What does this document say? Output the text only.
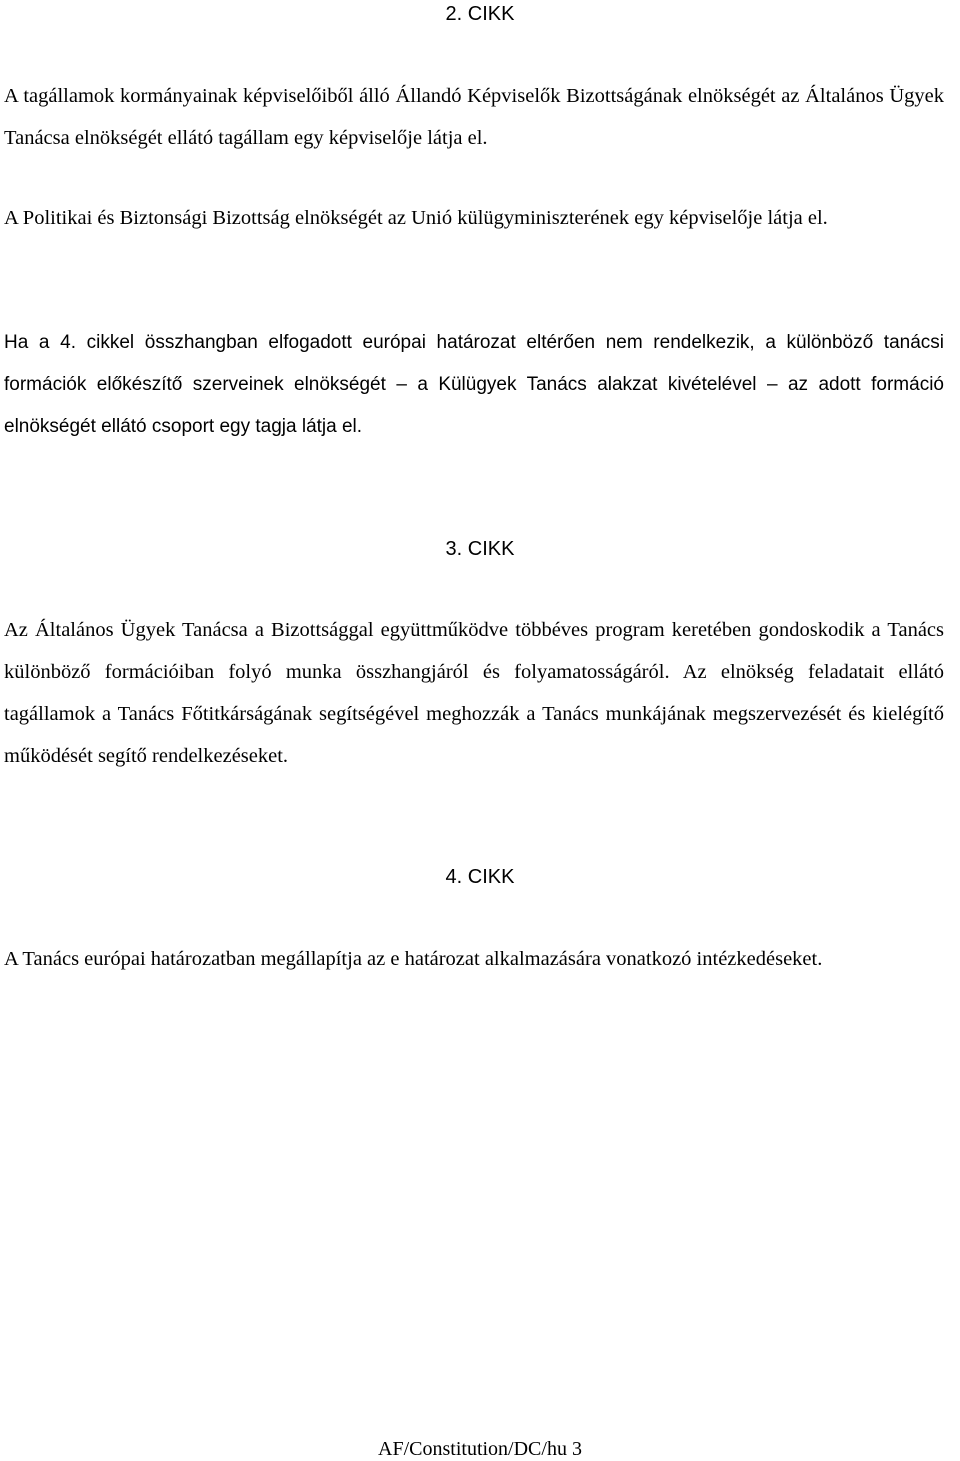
2. CIKK

A tagállamok kormányainak képviselőiből álló Állandó Képviselők Bizottságának elnökségét az Általános Ügyek Tanácsa elnökségét ellátó tagállam egy képviselője látja el.

A Politikai és Biztonsági Bizottság elnökségét az Unió külügyminiszterének egy képviselője látja el.

Ha a 4. cikkel összhangban elfogadott európai határozat eltérően nem rendelkezik, a különböző tanácsi formációk előkészítő szerveinek elnökségét – a Külügyek Tanács alakzat kivételével – az adott formáció elnökségét ellátó csoport egy tagja látja el.

3. CIKK

Az Általános Ügyek Tanácsa a Bizottsággal együttműködve többéves program keretében gondoskodik a Tanács különböző formációiban folyó munka összhangjáról és folyamatosságáról. Az elnökség feladatait ellátó tagállamok a Tanács Főtitkárságának segítségével meghozzák a Tanács munkájának megszervezését és kielégítő működését segítő rendelkezéseket.

4. CIKK

A Tanács európai határozatban megállapítja az e határozat alkalmazására vonatkozó intézkedéseket.

AF/Constitution/DC/hu 3
